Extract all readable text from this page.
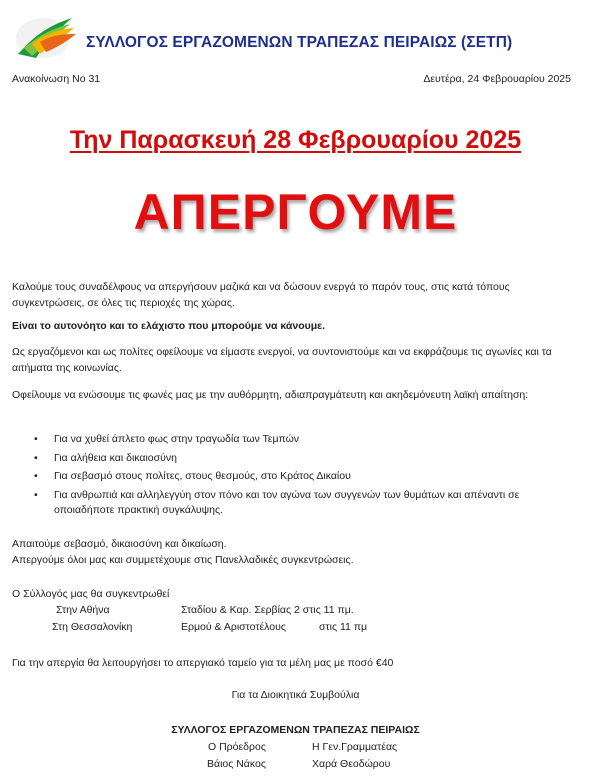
ΣΥΛΛΟΓΟΣ ΕΡΓΑΖΟΜΕΝΩΝ ΤΡΑΠΕΖΑΣ ΠΕΙΡΑΙΩΣ (ΣΕΤΠ)
Ανακοίνωση Νο 31	Δευτέρα, 24 Φεβρουαρίου 2025
Την Παρασκευή 28 Φεβρουαρίου 2025
ΑΠΕΡΓΟΥΜΕ
Καλούμε τους συναδέλφους να απεργήσουν μαζικά και να δώσουν ενεργά το παρόν τους, στις κατά τόπους συγκεντρώσεις, σε όλες τις περιοχές της χώρας.
Είναι το αυτονόητο και το ελάχιστο που μπορούμε να κάνουμε.
Ως εργαζόμενοι και ως πολίτες οφείλουμε να είμαστε ενεργοί, να συντονιστούμε και να εκφράζουμε τις αγωνίες και τα αιτήματα της κοινωνίας.
Οφείλουμε να ενώσουμε τις φωνές μας με την αυθόρμητη, αδιαπραγμάτευτη και ακηδεμόνευτη λαϊκή απαίτηση:
• Για να χυθεί άπλετο φως στην τραγωδία των Τεμπών
• Για αλήθεια και δικαιοσύνη
• Για σεβασμό στους πολίτες, στους θεσμούς, στο Κράτος Δικαίου
• Για ανθρωπιά και αλληλεγγύη στον πόνο και τον αγώνα των συγγενών των θυμάτων και απέναντι σε οποιαδήποτε πρακτική συγκάλυψης.
Απαιτούμε σεβασμό, δικαιοσύνη και δικαίωση.
Απεργούμε όλοι μας και συμμετέχουμε στις Πανελλαδικές συγκεντρώσεις.
Ο Σύλλογός μας θα συγκεντρωθεί
Στην Αθήνα	Σταδίου & Καρ. Σερβίας 2 στις 11 πμ.
Στη Θεσσαλονίκη	Ερμού & Αριστοτέλους	στις 11 πμ
Για την απεργία θα λειτουργήσει το απεργιακό ταμείο για τα μέλη μας με ποσό €40
Για τα Διοικητικά Συμβούλια
ΣΥΛΛΟΓΟΣ ΕΡΓΑΖΟΜΕΝΩΝ ΤΡΑΠΕΖΑΣ ΠΕΙΡΑΙΩΣ
Ο Πρόεδρος	Η Γεν.Γραμματέας
Βάιος Νάκος	Χαρά Θεοδώρου
